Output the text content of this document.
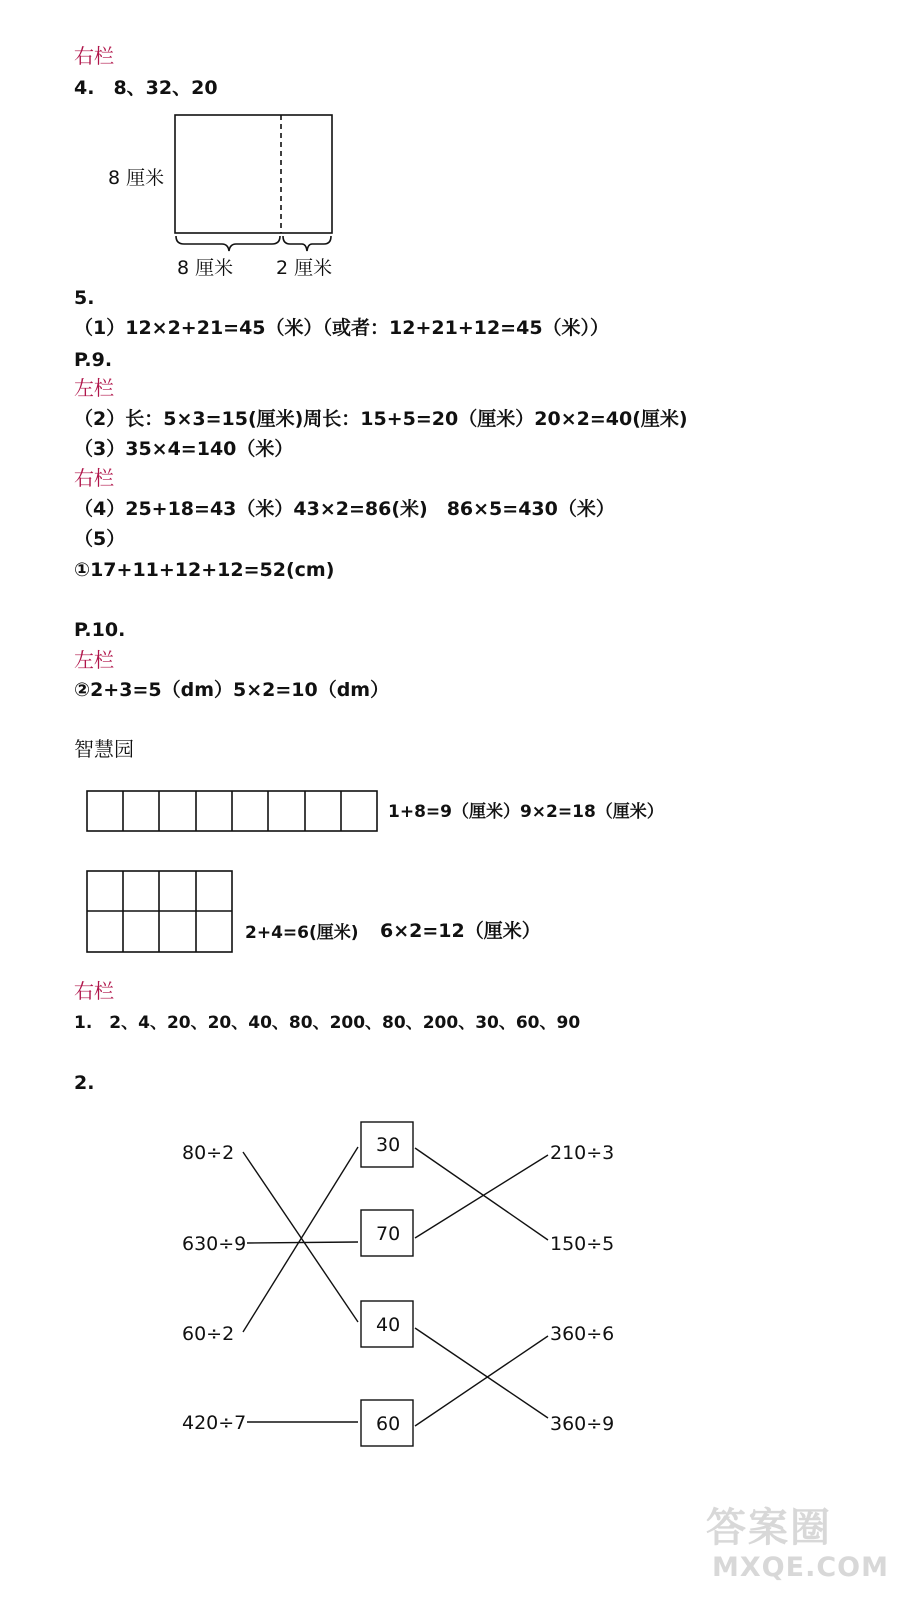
右栏
4.　8、32、20
8 厘米
8 厘米 2 厘米
5.
（1）12×2+21=45（米）（或者：12+21+12=45（米））
P.9.
左栏
（2）长：5×3=15(厘米)周长：15+5=20（厘米）20×2=40(厘米)
（3）35×4=140（米）
右栏
（4）25+18=43（米）43×2=86(米)　86×5=430（米）
（5）
①17+11+12+12=52(cm)
P.10.
左栏
②2+3=5（dm）5×2=10（dm）
智慧园
1+8=9（厘米）9×2=18（厘米）
2+4=6(厘米) 6×2=12（厘米）
右栏
1.　2、4、20、20、40、80、200、80、200、30、60、90
2.
80÷2
630÷9
60÷2
420÷7
30
70
40
60
210÷3
150÷5
360÷6
360÷9
答案圈
MXQE.COM
